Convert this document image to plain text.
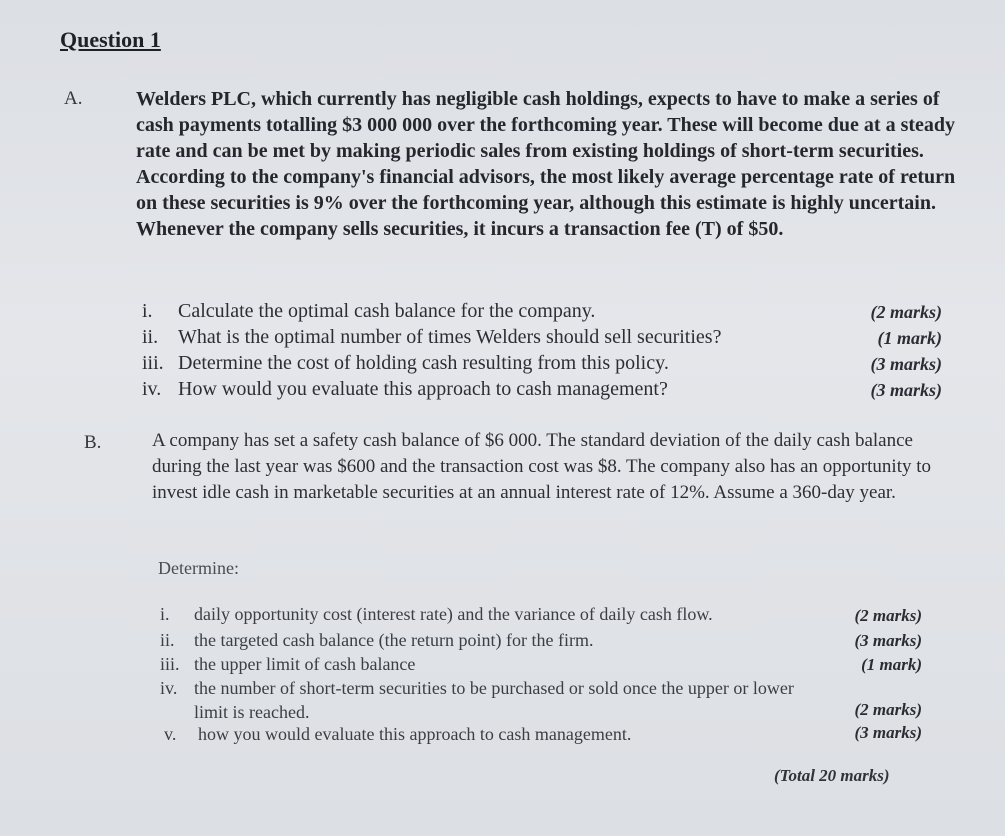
Question 1
A.	Welders PLC, which currently has negligible cash holdings, expects to have to make a series of cash payments totalling $3 000 000 over the forthcoming year. These will become due at a steady rate and can be met by making periodic sales from existing holdings of short-term securities. According to the company's financial advisors, the most likely average percentage rate of return on these securities is 9% over the forthcoming year, although this estimate is highly uncertain. Whenever the company sells securities, it incurs a transaction fee (T) of $50.

i.	Calculate the optimal cash balance for the company.	(2 marks)
ii. What is the optimal number of times Welders should sell securities?	(1 mark)
iii. Determine the cost of holding cash resulting from this policy.	(3 marks)
iv. How would you evaluate this approach to cash management?	(3 marks)
B.	A company has set a safety cash balance of $6 000. The standard deviation of the daily cash balance during the last year was $600 and the transaction cost was $8. The company also has an opportunity to invest idle cash in marketable securities at an annual interest rate of 12%. Assume a 360-day year.

Determine:
i.	daily opportunity cost (interest rate) and the variance of daily cash flow.	(2 marks)
ii.	the targeted cash balance (the return point) for the firm.	(3 marks)
iii. the upper limit of cash balance	(1 mark)
iv. the number of short-term securities to be purchased or sold once the upper or lower
limit is reached.	(2 marks)
v.	how you would evaluate this approach to cash management.	(3 marks)
(Total 20 marks)
